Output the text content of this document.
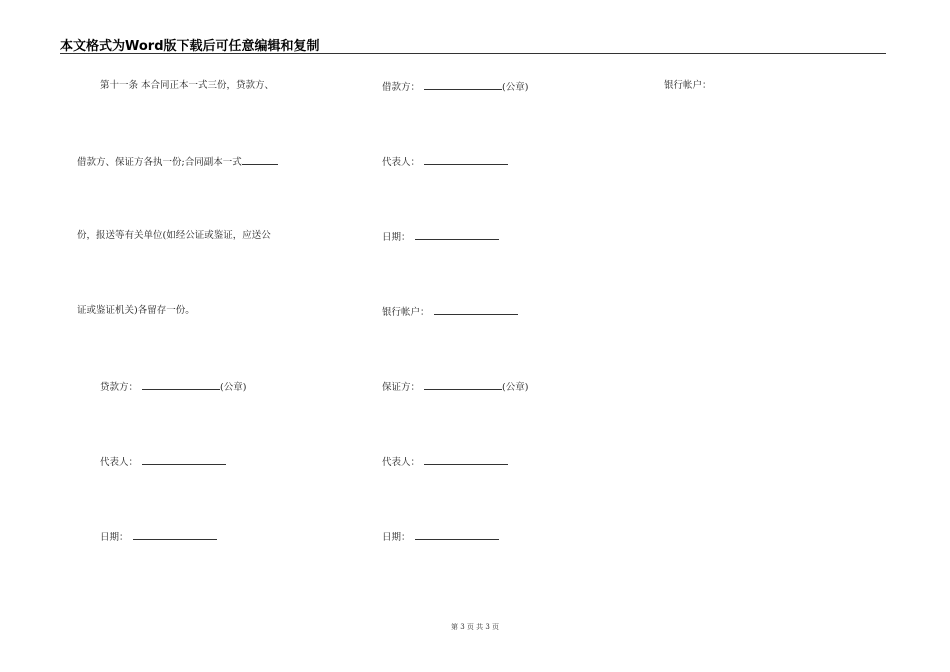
本文格式为Word版下载后可任意编辑和复制
第十一条 本合同正本一式三份，贷款方、
借款方、保证方各执一份;合同副本一式
份，报送等有关单位(如经公证或鉴证，应送公
证或鉴证机关)各留存一份。
贷款方：	(公章)
代表人：
日期：
借款方：	(公章)
代表人：
日期：
银行帐户：
保证方：	(公章)
代表人：
日期：
银行帐户：
第 3 页 共 3 页
